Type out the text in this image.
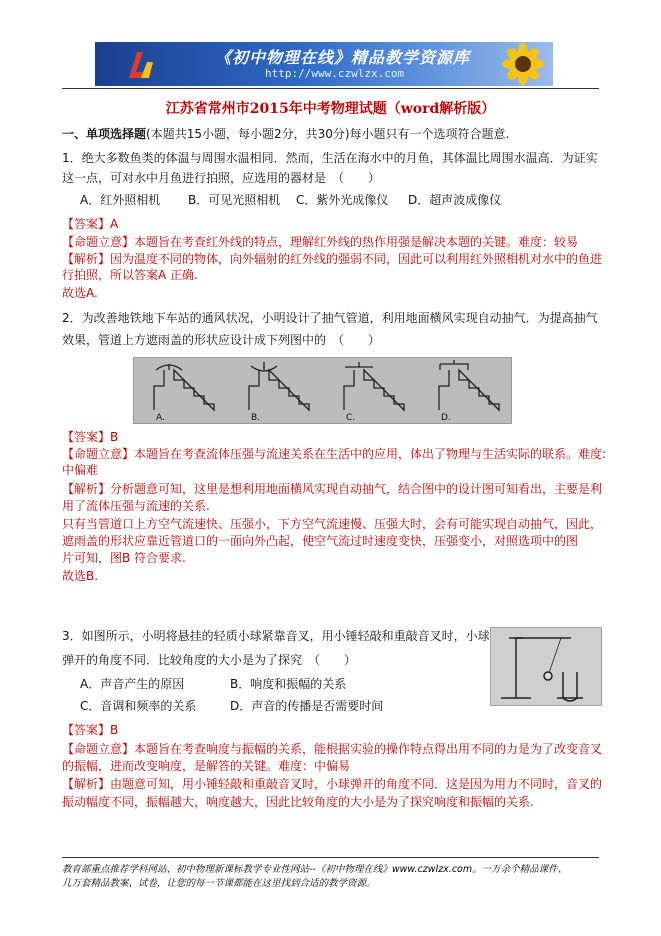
《初中物理在线》精品教学资源库
http://www.czwlzx.com
江苏省常州市2015年中考物理试题（word解析版）
一、单项选择题(本题共15小题，每小题2分，共30分)每小题只有一个选项符合题意.
1．绝大多数鱼类的体温与周围水温相同．然而，生活在海水中的月鱼，其体温比周围水温高．为证实
这一点，可对水中月鱼进行拍照，应选用的器材是　（　　）
A．红外照相机 B．可见光照相机 C．紫外光成像仪 D．超声波成像仪
【答案】A
【命题立意】本题旨在考查红外线的特点，理解红外线的热作用强是解决本题的关键。难度：较易
【解析】因为温度不同的物体，向外辐射的红外线的强弱不同，因此可以利用红外照相机对水中的鱼进
行拍照，所以答案A 正确.
故选A.
2．为改善地铁地下车站的通风状况，小明设计了抽气管道，利用地面横风实现自动抽气．为提高抽气
效果，管道上方遮雨盖的形状应设计成下列图中的　（　　）
A.	B.	C.	D.
【答案】B
【命题立意】本题旨在考查流体压强与流速关系在生活中的应用，体出了物理与生活实际的联系。难度:
中偏难
【解析】分析题意可知，这里是想利用地面横风实现自动抽气，结合图中的设计图可知看出，主要是利
用了流体压强与流速的关系.
只有当管道口上方空气流速快、压强小，下方空气流速慢、压强大时，会有可能实现自动抽气，因此，
遮雨盖的形状应靠近管道口的一面向外凸起，使空气流过时速度变快，压强变小，对照选项中的图
片可知，图B 符合要求.
故选B.
3．如图所示，小明将悬挂的轻质小球紧靠音叉，用小锤轻敲和重敲音叉时，小球
弹开的角度不同．比较角度的大小是为了探究　（　　）
A．声音产生的原因	B．响度和振幅的关系
C．音调和频率的关系	D．声音的传播是否需要时间
【答案】B
【命题立意】本题旨在考查响度与振幅的关系，能根据实验的操作特点得出用不同的力是为了改变音叉
的振幅，进而改变响度，是解答的关键。难度：中偏易
【解析】由题意可知，用小锤轻敲和重敲音叉时，小球弹开的角度不同．这是因为用力不同时，音叉的
振动幅度不同，振幅越大，响度越大，因此比较角度的大小是为了探究响度和振幅的关系.
教育部重点推荐学科网站、初中物理新课标教学专业性网站--《初中物理在线》www.czwlzx.com。一万余个精品课件、
几万套精品教案、试卷，让您的每一节课都能在这里找到合适的教学资源。
